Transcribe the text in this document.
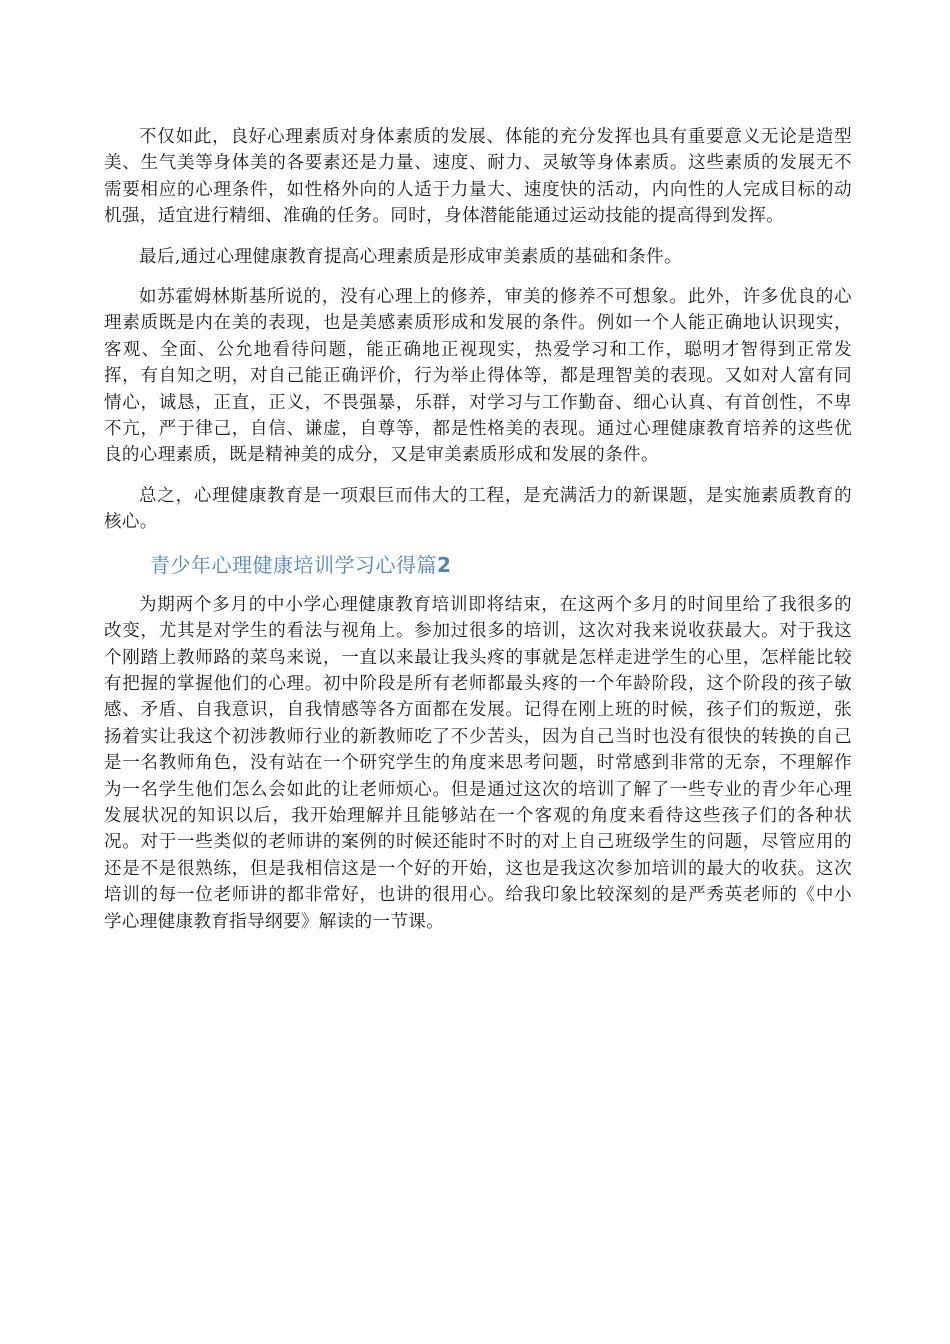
不仅如此，良好心理素质对身体素质的发展、体能的充分发挥也具有重要意义无论是造型美、生气美等身体美的各要素还是力量、速度、耐力、灵敏等身体素质。这些素质的发展无不需要相应的心理条件，如性格外向的人适于力量大、速度快的活动，内向性的人完成目标的动机强，适宜进行精细、准确的任务。同时，身体潜能能通过运动技能的提高得到发挥。

最后,通过心理健康教育提高心理素质是形成审美素质的基础和条件。

如苏霍姆林斯基所说的，没有心理上的修养，审美的修养不可想象。此外，许多优良的心理素质既是内在美的表现，也是美感素质形成和发展的条件。例如一个人能正确地认识现实，客观、全面、公允地看待问题，能正确地正视现实，热爱学习和工作，聪明才智得到正常发挥，有自知之明，对自己能正确评价，行为举止得体等，都是理智美的表现。又如对人富有同情心，诚恳，正直，正义，不畏强暴，乐群，对学习与工作勤奋、细心认真、有首创性，不卑不亢，严于律己，自信、谦虚，自尊等，都是性格美的表现。通过心理健康教育培养的这些优良的心理素质，既是精神美的成分，又是审美素质形成和发展的条件。

总之，心理健康教育是一项艰巨而伟大的工程，是充满活力的新课题，是实施素质教育的核心。

青少年心理健康培训学习心得篇2

为期两个多月的中小学心理健康教育培训即将结束，在这两个多月的时间里给了我很多的改变，尤其是对学生的看法与视角上。参加过很多的培训，这次对我来说收获最大。对于我这个刚踏上教师路的菜鸟来说，一直以来最让我头疼的事就是怎样走进学生的心里，怎样能比较有把握的掌握他们的心理。初中阶段是所有老师都最头疼的一个年龄阶段，这个阶段的孩子敏感、矛盾、自我意识，自我情感等各方面都在发展。记得在刚上班的时候，孩子们的叛逆，张扬着实让我这个初涉教师行业的新教师吃了不少苦头，因为自己当时也没有很快的转换的自己是一名教师角色，没有站在一个研究学生的角度来思考问题，时常感到非常的无奈，不理解作为一名学生他们怎么会如此的让老师烦心。但是通过这次的培训了解了一些专业的青少年心理发展状况的知识以后，我开始理解并且能够站在一个客观的角度来看待这些孩子们的各种状况。对于一些类似的老师讲的案例的时候还能时不时的对上自己班级学生的问题，尽管应用的还是不是很熟练，但是我相信这是一个好的开始，这也是我这次参加培训的最大的收获。这次培训的每一位老师讲的都非常好，也讲的很用心。给我印象比较深刻的是严秀英老师的《中小学心理健康教育指导纲要》解读的一节课。
